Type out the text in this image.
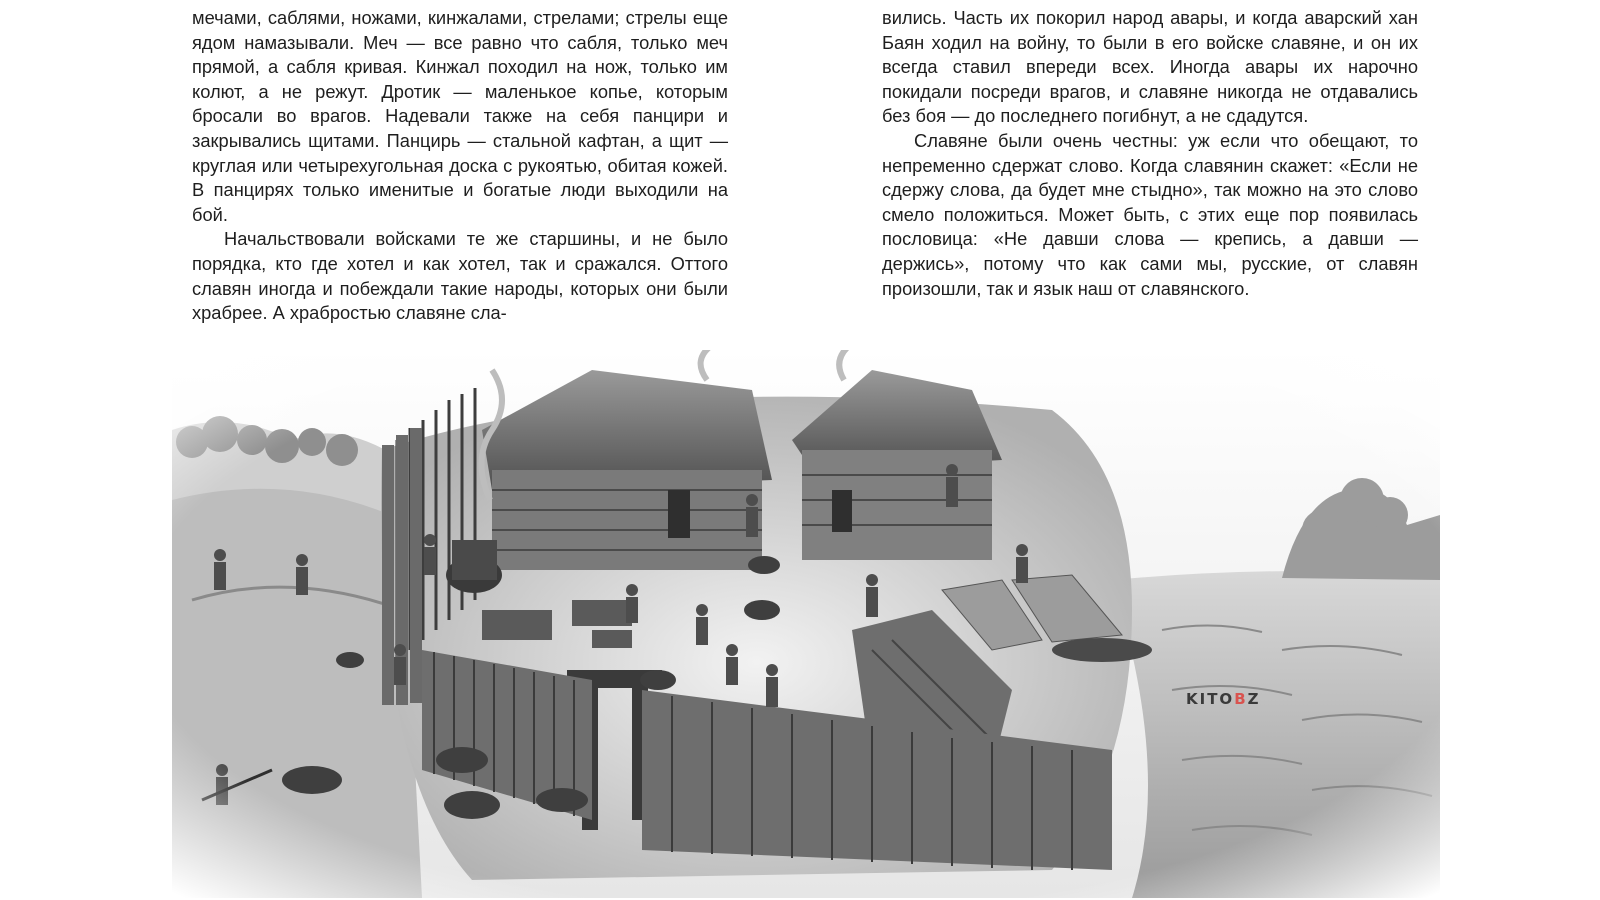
мечами, саблями, ножами, кинжалами, стрелами; стрелы еще ядом намазывали. Меч — все равно что сабля, только меч прямой, а сабля кривая. Кинжал походил на нож, только им колют, а не режут. Дротик — маленькое копье, которым бросали во врагов. Надевали также на себя панцири и закрывались щитами. Панцирь — стальной кафтан, а щит — круглая или четырехугольная доска с рукоятью, обитая кожей. В панцирях только именитые и богатые люди выходили на бой.

Начальствовали войсками те же старшины, и не было порядка, кто где хотел и как хотел, так и сражался. Оттого славян иногда и побеждали такие народы, которых они были храбрее. А храбростью славяне сла-

вились. Часть их покорил народ авары, и когда аварский хан Баян ходил на войну, то были в его войске славяне, и он их всегда ставил впереди всех. Иногда авары их нарочно покидали посреди врагов, и славяне никогда не отдавались без боя — до последнего погибнут, а не сдадутся.

Славяне были очень честны: уж если что обещают, то непременно сдержат слово. Когда славянин скажет: «Если не сдержу слова, да будет мне стыдно», так можно на это слово смело положиться. Может быть, с этих еще пор появилась пословица: «Не давши слова — крепись, а давши — держись», потому что как сами мы, русские, от славян произошли, так и язык наш от славянского.

KITOBZ
